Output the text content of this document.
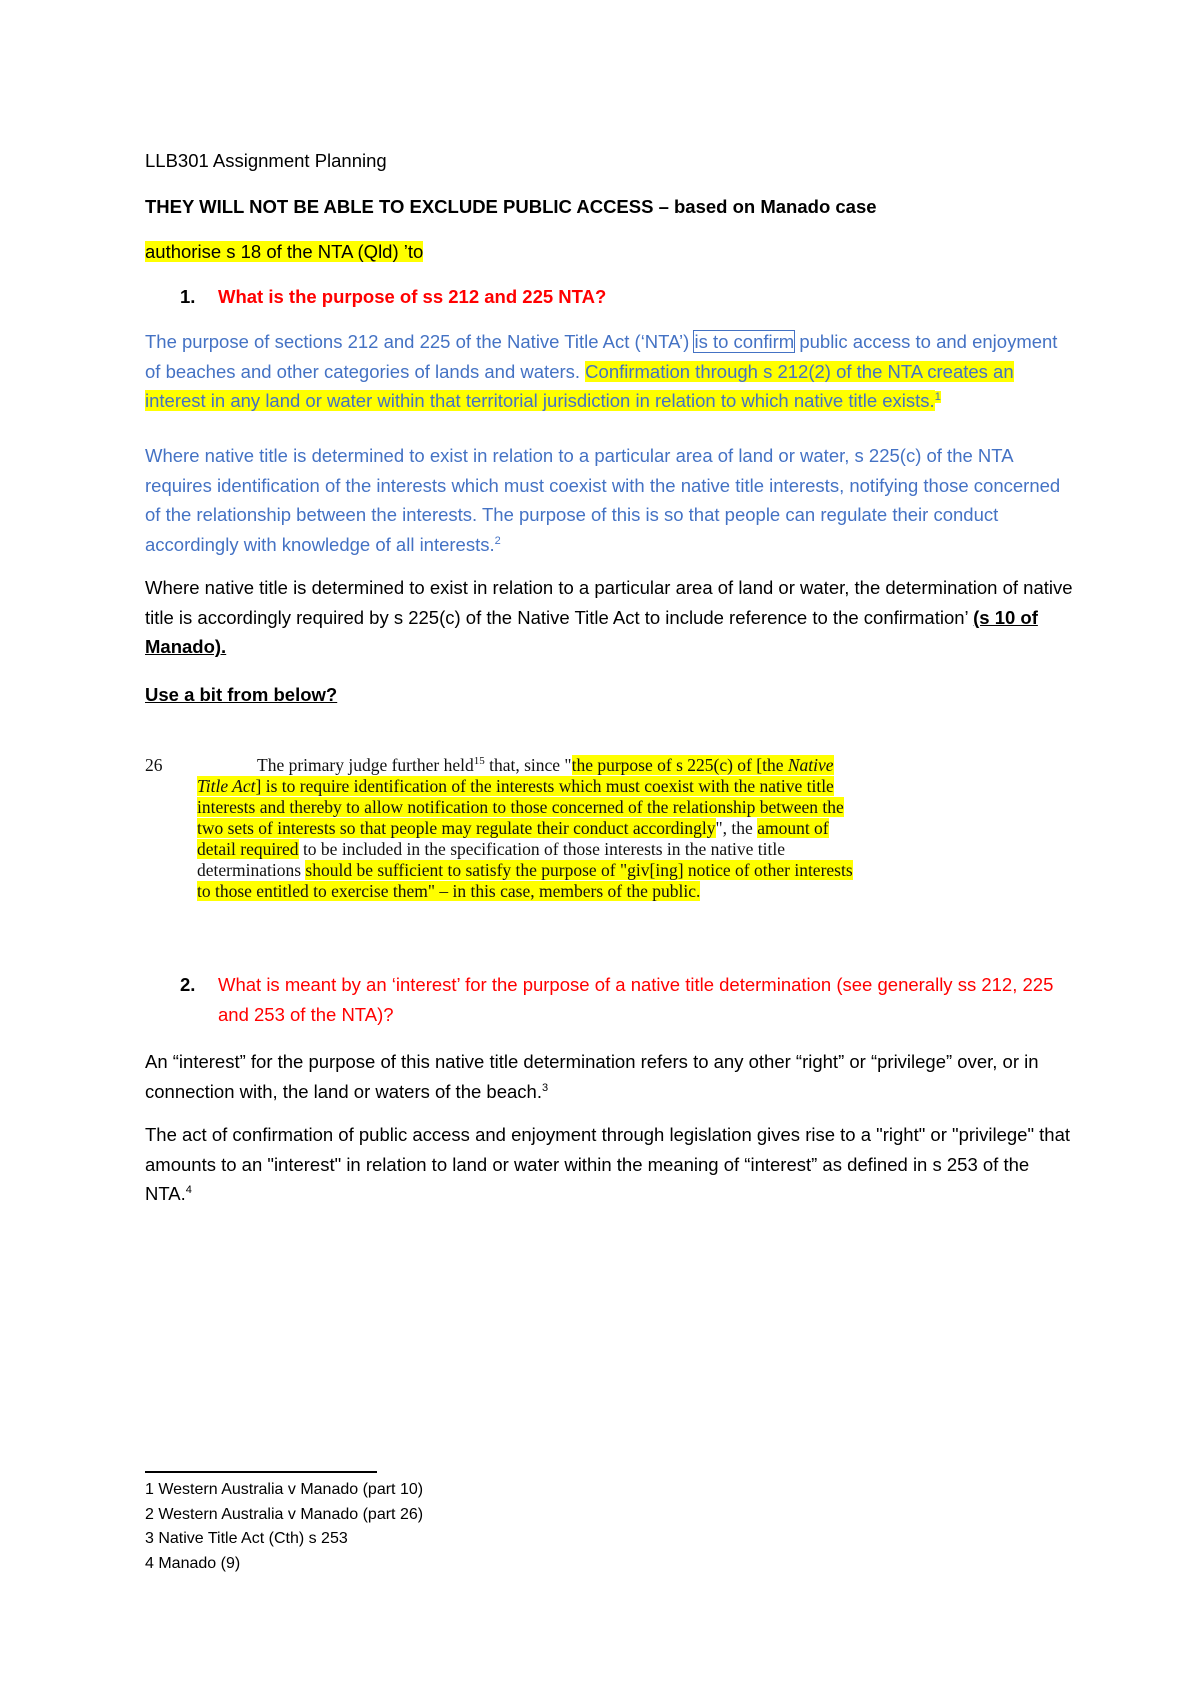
LLB301 Assignment Planning

THEY WILL NOT BE ABLE TO EXCLUDE PUBLIC ACCESS – based on Manado case

authorise s 18 of the NTA (Qld) ’to

1.	What is the purpose of ss 212 and 225 NTA?

The purpose of sections 212 and 225 of the Native Title Act (‘NTA’) is to confirm public access to and enjoyment of beaches and other categories of lands and waters. Confirmation through s 212(2) of the NTA creates an interest in any land or water within that territorial jurisdiction in relation to which native title exists.$^1$

Where native title is determined to exist in relation to a particular area of land or water, s 225(c) of the NTA requires identification of the interests which must coexist with the native title interests, notifying those concerned of the relationship between the interests. The purpose of this is so that people can regulate their conduct accordingly with knowledge of all interests.$^2$

Where native title is determined to exist in relation to a particular area of land or water, the determination of native title is accordingly required by s 225(c) of the Native Title Act to include reference to the confirmation’ (s 10 of Manado).

Use a bit from below?

26	The primary judge further held$^{15}$ that, since "the purpose of s 225(c) of [the Native Title Act] is to require identification of the interests which must coexist with the native title interests and thereby to allow notification to those concerned of the relationship between the two sets of interests so that people may regulate their conduct accordingly", the amount of detail required to be included in the specification of those interests in the native title determinations should be sufficient to satisfy the purpose of "giv[ing] notice of other interests to those entitled to exercise them" – in this case, members of the public.
2.	What is meant by an ‘interest’ for the purpose of a native title determination (see generally ss 212, 225 and 253 of the NTA)?

An “interest” for the purpose of this native title determination refers to any other “right” or “privilege” over, or in connection with, the land or waters of the beach.$^3$

The act of confirmation of public access and enjoyment through legislation gives rise to a "right" or "privilege" that amounts to an "interest" in relation to land or water within the meaning of “interest” as defined in s 253 of the NTA.$^4$

1 Western Australia v Manado (part 10)
2 Western Australia v Manado (part 26)
3 Native Title Act (Cth) s 253
4 Manado (9)
